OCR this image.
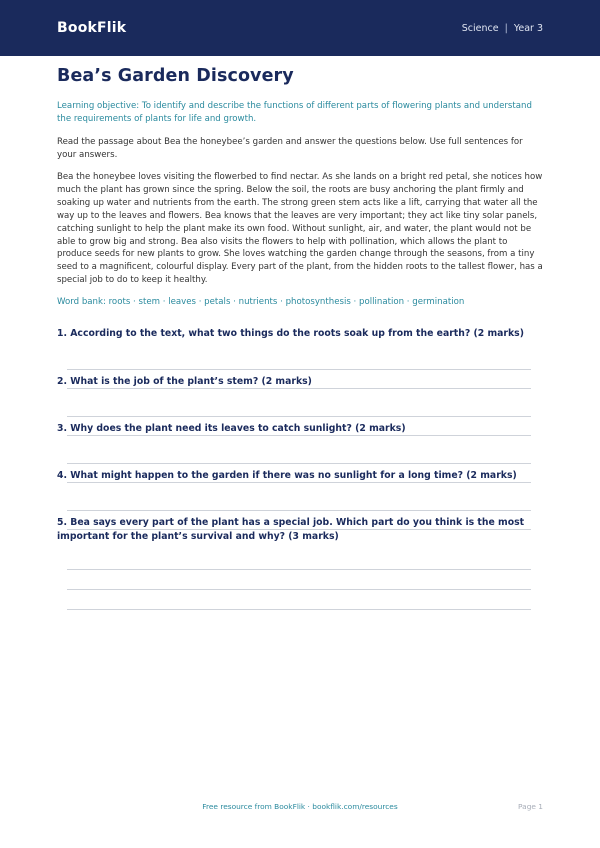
BookFlik	Science | Year 3
Bea’s Garden Discovery

Learning objective: To identify and describe the functions of different parts of flowering plants and understand the requirements of plants for life and growth.

Read the passage about Bea the honeybee’s garden and answer the questions below. Use full sentences for your answers.

Bea the honeybee loves visiting the flowerbed to find nectar. As she lands on a bright red petal, she notices how much the plant has grown since the spring. Below the soil, the roots are busy anchoring the plant firmly and soaking up water and nutrients from the earth. The strong green stem acts like a lift, carrying that water all the way up to the leaves and flowers. Bea knows that the leaves are very important; they act like tiny solar panels, catching sunlight to help the plant make its own food. Without sunlight, air, and water, the plant would not be able to grow big and strong. Bea also visits the flowers to help with pollination, which allows the plant to produce seeds for new plants to grow. She loves watching the garden change through the seasons, from a tiny seed to a magnificent, colourful display. Every part of the plant, from the hidden roots to the tallest flower, has a special job to do to keep it healthy.

Word bank: roots · stem · leaves · petals · nutrients · photosynthesis · pollination · germination

1. According to the text, what two things do the roots soak up from the earth? (2 marks)
2. What is the job of the plant’s stem? (2 marks)
3. Why does the plant need its leaves to catch sunlight? (2 marks)
4. What might happen to the garden if there was no sunlight for a long time? (2 marks)
5. Bea says every part of the plant has a special job. Which part do you think is the most important for the plant’s survival and why? (3 marks)
Free resource from BookFlik · bookflik.com/resources	Page 1
